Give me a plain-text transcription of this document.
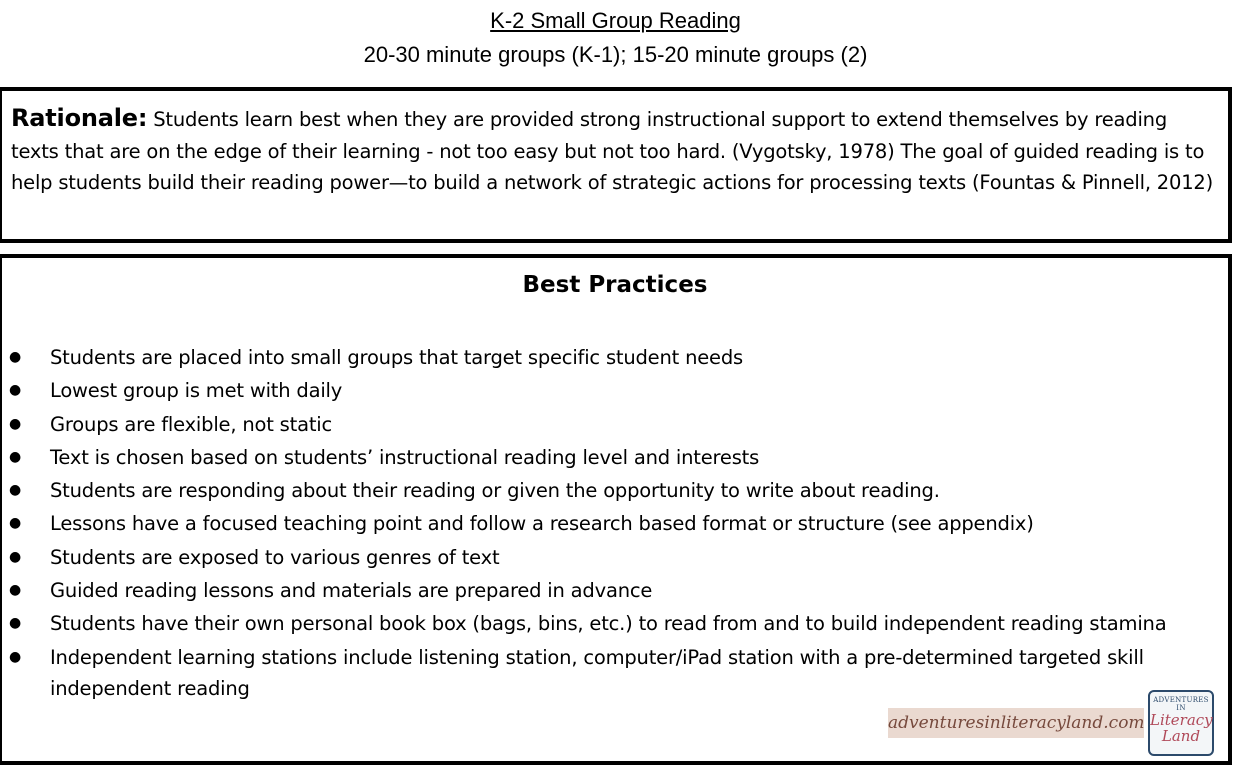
K-2 Small Group Reading
20-30 minute groups (K-1); 15-20 minute groups (2)
Rationale: Students learn best when they are provided strong instructional support to extend themselves by reading texts that are on the edge of their learning - not too easy but not too hard. (Vygotsky, 1978) The goal of guided reading is to help students build their reading power—to build a network of strategic actions for processing texts (Fountas & Pinnell, 2012)
Best Practices
● Students are placed into small groups that target specific student needs
● Lowest group is met with daily
● Groups are flexible, not static
● Text is chosen based on students’ instructional reading level and interests
● Students are responding about their reading or given the opportunity to write about reading.
● Lessons have a focused teaching point and follow a research based format or structure (see appendix)
● Students are exposed to various genres of text
● Guided reading lessons and materials are prepared in advance
● Students have their own personal book box (bags, bins, etc.) to read from and to build independent reading stamina
● Independent learning stations include listening station, computer/iPad station with a pre-determined targeted skill independent reading
adventuresinliteracyland.com
ADVENTURES IN
Literacy
Land
